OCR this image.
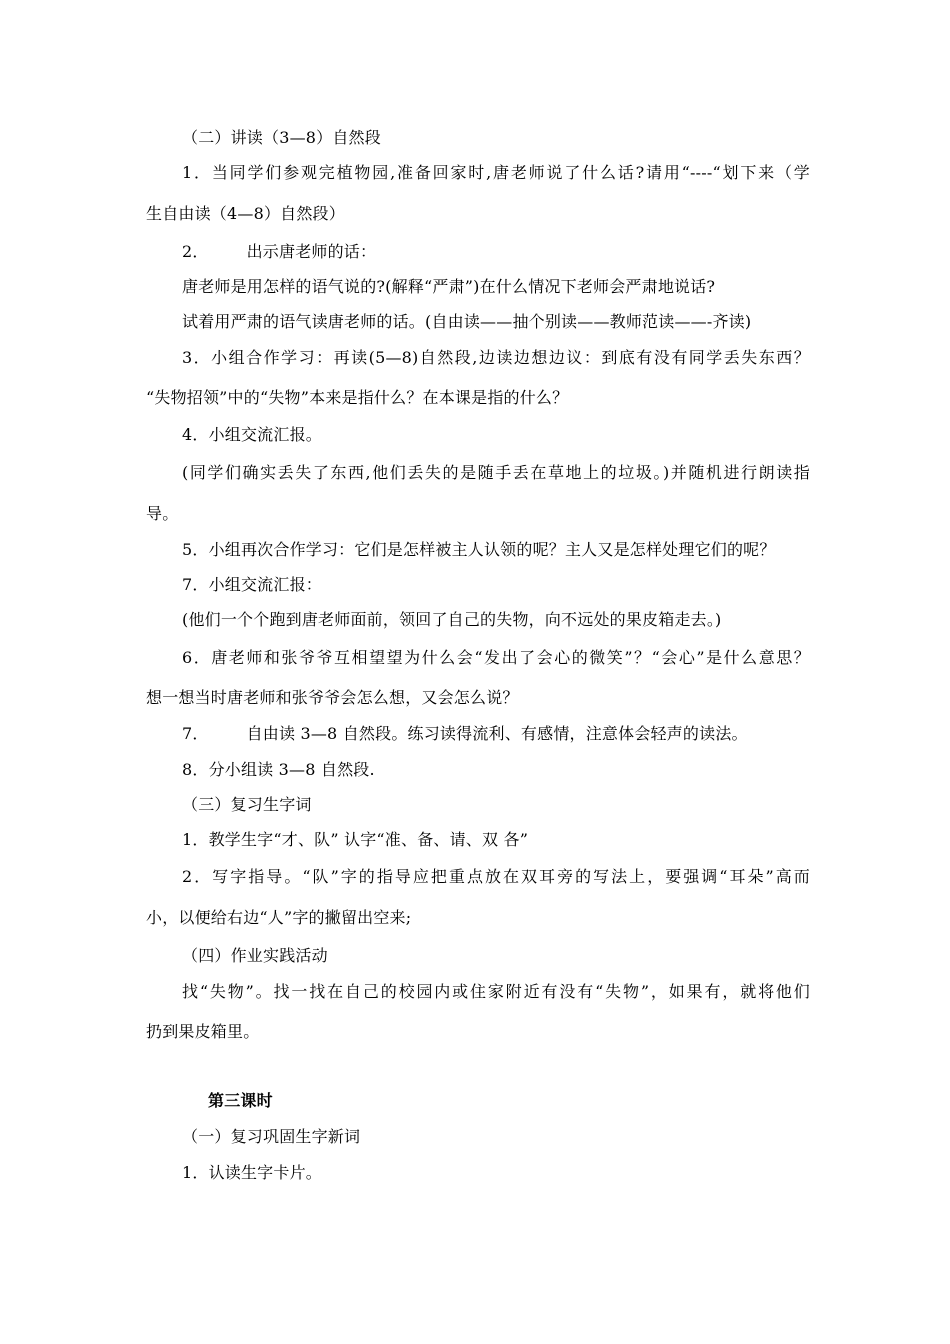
（二）讲读（3—8）自然段
1．当同学们参观完植物园,准备回家时,唐老师说了什么话?请用“----“划下来（学
生自由读（4—8）自然段）
2． 出示唐老师的话：
唐老师是用怎样的语气说的?(解释“严肃”)在什么情况下老师会严肃地说话?
试着用严肃的语气读唐老师的话。(自由读——抽个别读——教师范读——-齐读)
3．小组合作学习：再读(5—8)自然段,边读边想边议：到底有没有同学丢失东西？
“失物招领”中的“失物”本来是指什么？在本课是指的什么？
4．小组交流汇报。
(同学们确实丢失了东西,他们丢失的是随手丢在草地上的垃圾。)并随机进行朗读指
导。
5．小组再次合作学习：它们是怎样被主人认领的呢？主人又是怎样处理它们的呢？
7．小组交流汇报：
(他们一个个跑到唐老师面前，领回了自己的失物，向不远处的果皮箱走去。)
6．唐老师和张爷爷互相望望为什么会“发出了会心的微笑”？“会心”是什么意思？
想一想当时唐老师和张爷爷会怎么想，又会怎么说？
7． 自由读 3—8 自然段。练习读得流利、有感情，注意体会轻声的读法。
8．分小组读 3—8 自然段.
（三）复习生字词
1．教学生字“才、队” 认字“准、备、请、双 各”
2．写字指导。“队”字的指导应把重点放在双耳旁的写法上，要强调“耳朵”高而
小，以便给右边“人”字的撇留出空来;
（四）作业实践活动
找“失物”。找一找在自己的校园内或住家附近有没有“失物”，如果有，就将他们
扔到果皮箱里。
第三课时
（一）复习巩固生字新词
1．认读生字卡片。
